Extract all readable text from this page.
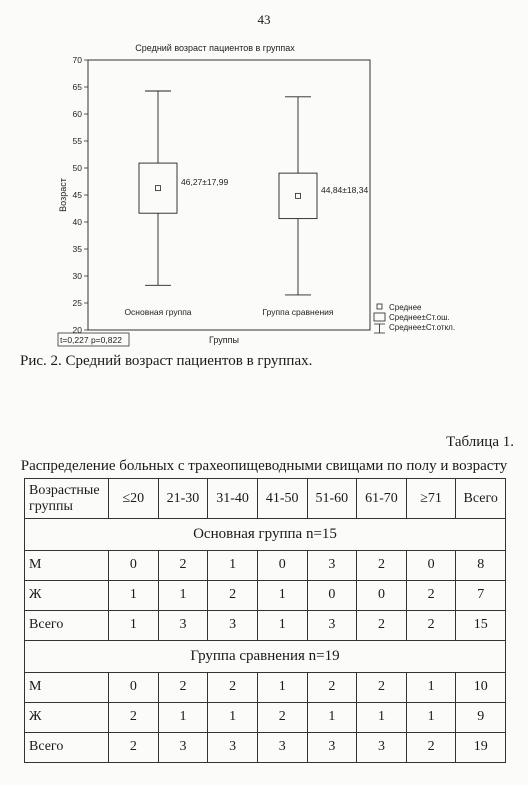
43
Средний возраст пациентов в группах
Возраст
Группы
t=0,227 p=0,822
Среднее
Среднее±Ст.ош.
Среднее±Ст.откл.
20
25
30
35
40
45
50
55
60
65
70
46,27±17,99
Основная группа
44,84±18,34
Группа сравнения
Рис. 2. Средний возраст пациентов в группах.
Таблица 1.
Распределение больных с трахеопищеводными свищами по полу и возрасту
Возрастные группы	≤20	21-30	31-40	41-50	51-60	61-70	≥71	Всего
Основная группа n=15								
М	0	2	1	0	3	2	0	8
Ж	1	1	2	1	0	0	2	7
Всего	1	3	3	1	3	2	2	15
Группа сравнения n=19								
М	0	2	2	1	2	2	1	10
Ж	2	1	1	2	1	1	1	9
Всего	2	3	3	3	3	3	2	19
